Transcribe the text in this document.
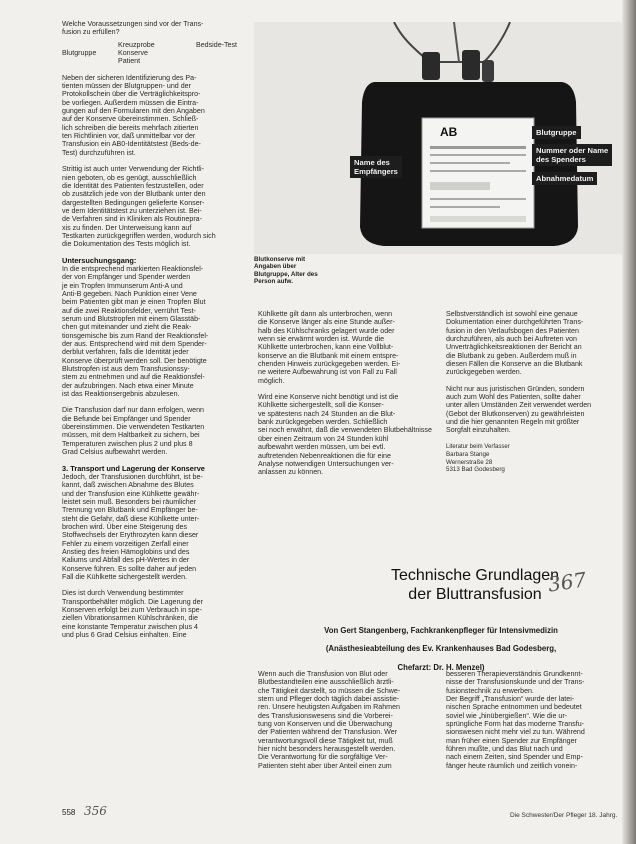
Welche Voraussetzungen sind vor der Trans-

fusion zu erfüllen?

Kreuzprobe	Bedside-Test
Blutgruppe	Konserve
Patient

Neben der sicheren Identifizierung des Pa-

tienten müssen der Blutgruppen- und der

Protokollschein über die Verträglichkeitspro-

be vorliegen. Außerdem müssen die Eintra-

gungen auf den Formularen mit den Angaben

auf der Konserve übereinstimmen. Schließ-

lich schreiben die bereits mehrfach zitierten

ten Richtlinien vor, daß unmittelbar vor der

Transfusion ein AB0-Identitätstest (Beds-de-

Test) durchzuführen ist.

Strittig ist auch unter Verwendung der Richtli-

nien geboten, ob es genügt, ausschließlich

die Identität des Patienten festzustellen, oder

ob zusätzlich jede von der Blutbank unter den

dargestellten Bedingungen gelieferte Konser-

ve dem Identitätstest zu unterziehen ist. Bei-

de Verfahren sind in Kliniken als Routinepra-

xis zu finden. Der Unterweisung kann auf

Testkarten zurückgegriffen werden, wodurch sich

die Dokumentation des Tests möglich ist.

Untersuchungsgang:

In die entsprechend markierten Reaktionsfel-

der von Empfänger und Spender werden

je ein Tropfen Immunserum Anti-A und

Anti-B gegeben. Nach Punktion einer Vene

beim Patienten gibt man je einen Tropfen Blut

auf die zwei Reaktionsfelder, verrührt Test-

serum und Blutstropfen mit einem Glasstäb-

chen gut miteinander und zieht die Reak-

tionsgemische bis zum Rand der Reaktionsfel-

der aus. Entsprechend wird mit dem Spender-

derblut verfahren, falls die Identität jeder

Konserve überprüft werden soll. Der benötigte

Blutstropfen ist aus dem Transfusionssy-

stem zu entnehmen und auf die Reaktionsfel-

der aufzubringen. Nach etwa einer Minute

ist das Reaktionsergebnis abzulesen.

Die Transfusion darf nur dann erfolgen, wenn

die Befunde bei Empfänger und Spender

übereinstimmen. Die verwendeten Testkarten

müssen, mit dem Haltbarkeit zu sichern, bei

Temperaturen zwischen plus 2 und plus 8

Grad Celsius aufbewahrt werden.

3. Transport und Lagerung der Konserve

Jedoch, der Transfusionen durchführt, ist be-

kannt, daß zwischen Abnahme des Blutes

und der Transfusion eine Kühlkette gewähr-

leistet sein muß. Besonders bei räumlicher

Trennung von Blutbank und Empfänger be-

steht die Gefahr, daß diese Kühlkette unter-

brochen wird. Über eine Steigerung des

Stoffwechsels der Erythrozyten kann dieser

Fehler zu einem vorzeitigen Zerfall einer

Anstieg des freien Hämoglobins und des

Kaliums und Abfall des pH-Wertes in der

Konserve führen. Es sollte daher auf jeden

Fall die Kühlkette sichergestellt werden.

Dies ist durch Verwendung bestimmter

Transportbehälter möglich. Die Lagerung der

Konserven erfolgt bei zum Verbrauch in spe-

ziellen Vibrationsarmen Kühlschränken, die

eine konstante Temperatur zwischen plus 4

und plus 6 Grad Celsius einhalten. Eine

AB
Name des
Empfängers
Blutgruppe
Nummer oder Name
des Spenders
Abnahmedatum
Blutkonserve mit Angaben über Blutgruppe, Alter des Person aufw.

Kühlkette gilt dann als unterbrochen, wenn

die Konserve länger als eine Stunde außer-

halb des Kühlschranks gelagert wurde oder

wenn sie erwärmt worden ist. Wurde die

Kühlkette unterbrochen, kann eine Vollblut-

konserve an die Blutbank mit einem entspre-

chenden Hinweis zurückgegeben werden. Ei-

ne weitere Aufbewahrung ist von Fall zu Fall

möglich.

Wird eine Konserve nicht benötigt und ist die

Kühlkette sichergestellt, soll die Konser-

ve spätestens nach 24 Stunden an die Blut-

bank zurückgegeben werden. Schließlich

sei noch erwähnt, daß die verwendeten Blutbehältnisse

über einen Zeitraum von 24 Stunden kühl

aufbewahrt werden müssen, um bei evtl.

auftretenden Nebenreaktionen die für eine

Analyse notwendigen Untersuchungen ver-

anlassen zu können.

Selbstverständlich ist sowohl eine genaue

Dokumentation einer durchgeführten Trans-

fusion in den Verlaufsbogen des Patienten

durchzuführen, als auch bei Auftreten von

Unverträglichkeitsreaktionen der Bericht an

die Blutbank zu geben. Außerdem muß in

diesen Fällen die Konserve an die Blutbank

zurückgegeben werden.

Nicht nur aus juristischen Gründen, sondern

auch zum Wohl des Patienten, sollte daher

unter allen Umständen Zeit verwendet werden

(Gebot der Blutkonserven) zu gewährleisten

und die hier genannten Regeln mit größter

Sorgfalt einzuhalten.

Literatur beim Verfasser

Barbara Stange

Wernerstraße 28

5313 Bad Godesberg

Technische Grundlagen
der Bluttransfusion 367

Von Gert Stangenberg, Fachkrankenpfleger für Intensivmedizin

(Anästhesieabteilung des Ev. Krankenhauses Bad Godesberg,

Chefarzt: Dr. H. Menzel)

Wenn auch die Transfusion von Blut oder

Blutbestandteilen eine ausschließlich ärztli-

che Tätigkeit darstellt, so müssen die Schwe-

stern und Pfleger doch täglich dabei assistie-

ren. Unsere heutigsten Aufgaben im Rahmen

des Transfusionswesens sind die Vorberei-

tung von Konserven und die Überwachung

der Patienten während der Transfusion. Wer

verantwortungsvoll diese Tätigkeit tut, muß

hier nicht besonders herausgestellt werden.

Die Verantwortung für die sorgfältige Ver-

Patienten steht aber über Anteil einen zum

besseren Therapieverständnis Grundkennt-

nisse der Transfusionskunde und der Trans-

fusionstechnik zu erwerben.

Der Begriff „Transfusion“ wurde der latei-

nischen Sprache entnommen und bedeutet

soviel wie „hinübergießen“. Wie die ur-

sprüngliche Form hat das moderne Transfu-

sionswesen nicht mehr viel zu tun. Während

man früher einen Spender zur Empfänger

führen mußte, und das Blut nach und

nach einem Zeiten, sind Spender und Emp-

fänger heute räumlich und zeitlich vonein-

558 356	Die Schwester/Der Pfleger 18. Jahrg.
